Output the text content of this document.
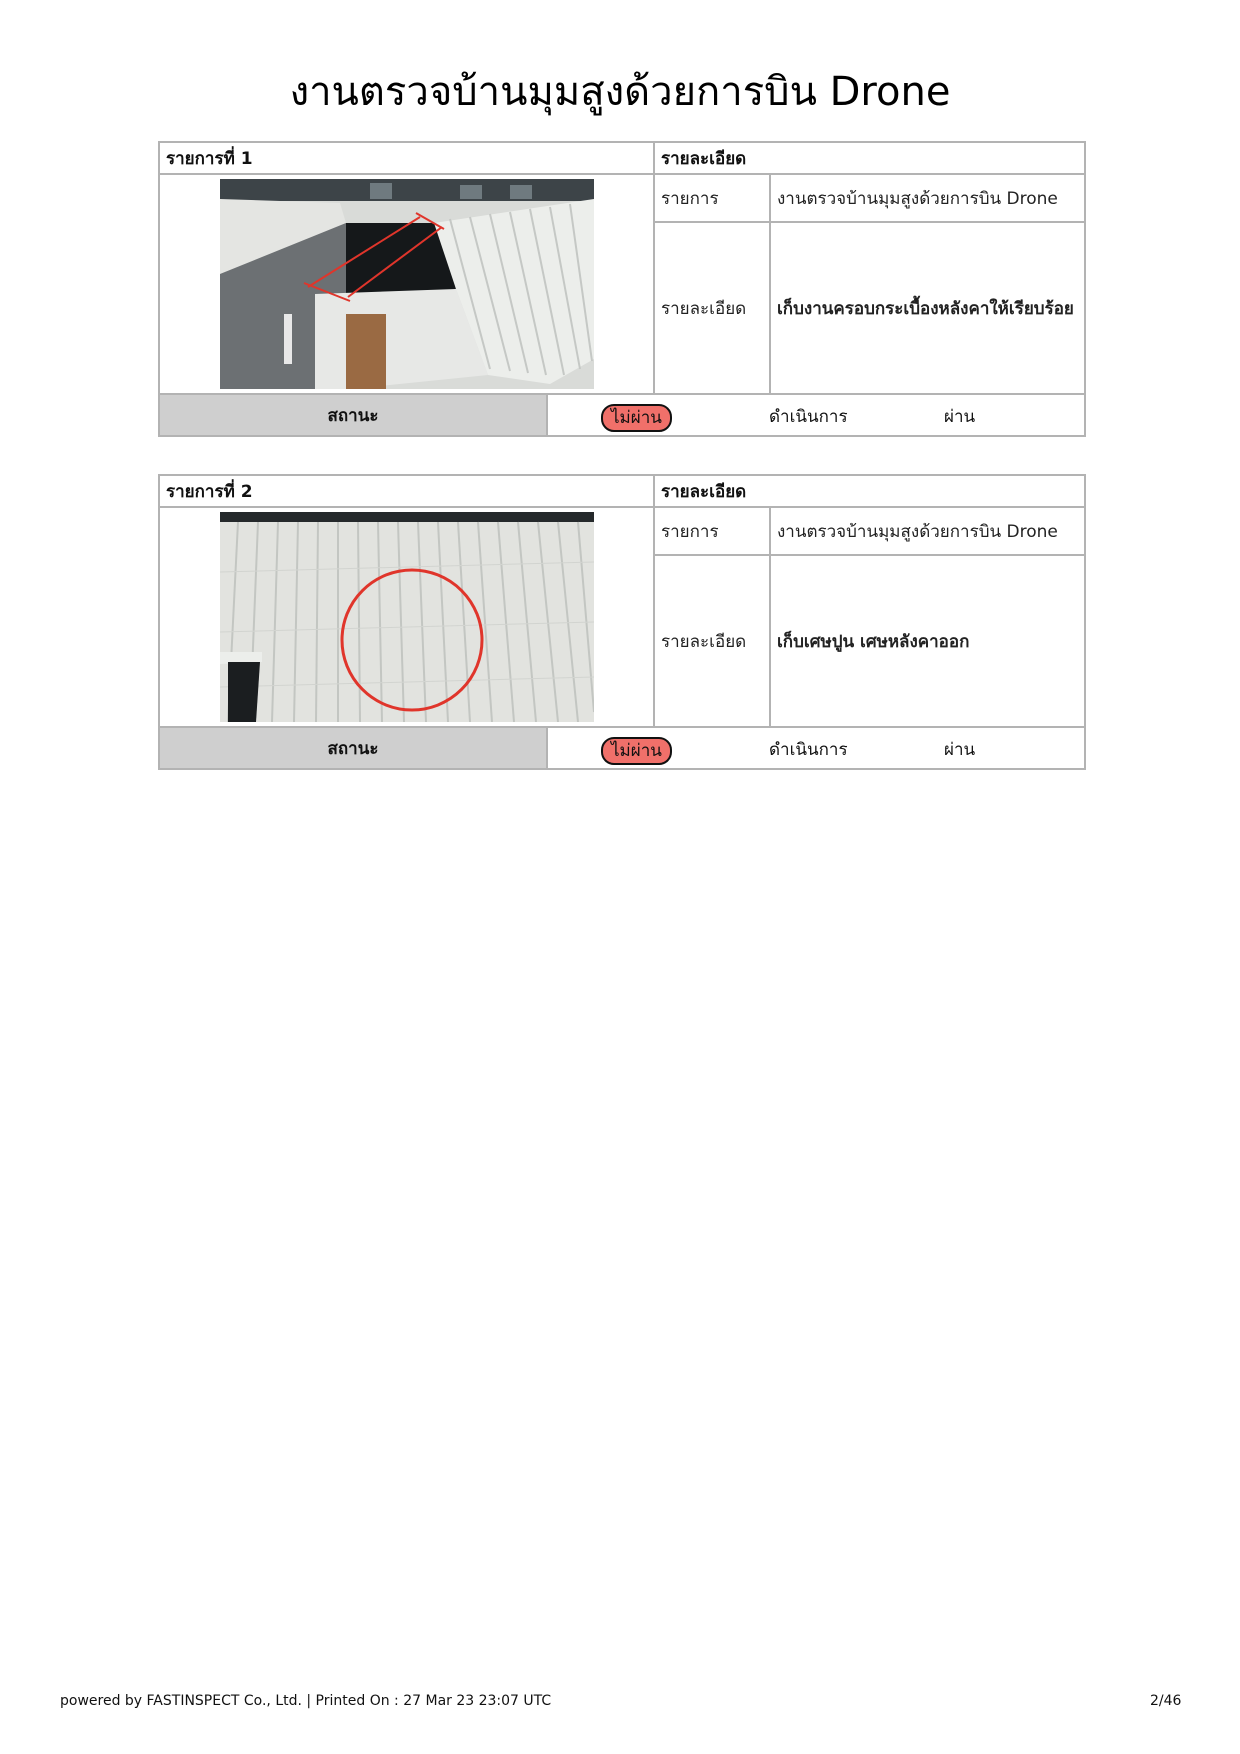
งานตรวจบ้านมุมสูงด้วยการบิน Drone
รายการที่ 1		รายละเอียด	

	รายการ	งานตรวจบ้านมุมสูงด้วยการบิน Drone
		รายละเอียด	เก็บงานครอบกระเบื้องหลังคาให้เรียบร้อย
สถานะ	ไม่ผ่าน ดำเนินการ ผ่าน		
รายการที่ 2		รายละเอียด	

	รายการ	งานตรวจบ้านมุมสูงด้วยการบิน Drone
		รายละเอียด	เก็บเศษปูน เศษหลังคาออก
สถานะ	ไม่ผ่าน ดำเนินการ ผ่าน		
powered by FASTINSPECT Co., Ltd. | Printed On : 27 Mar 23 23:07 UTC	2/46
